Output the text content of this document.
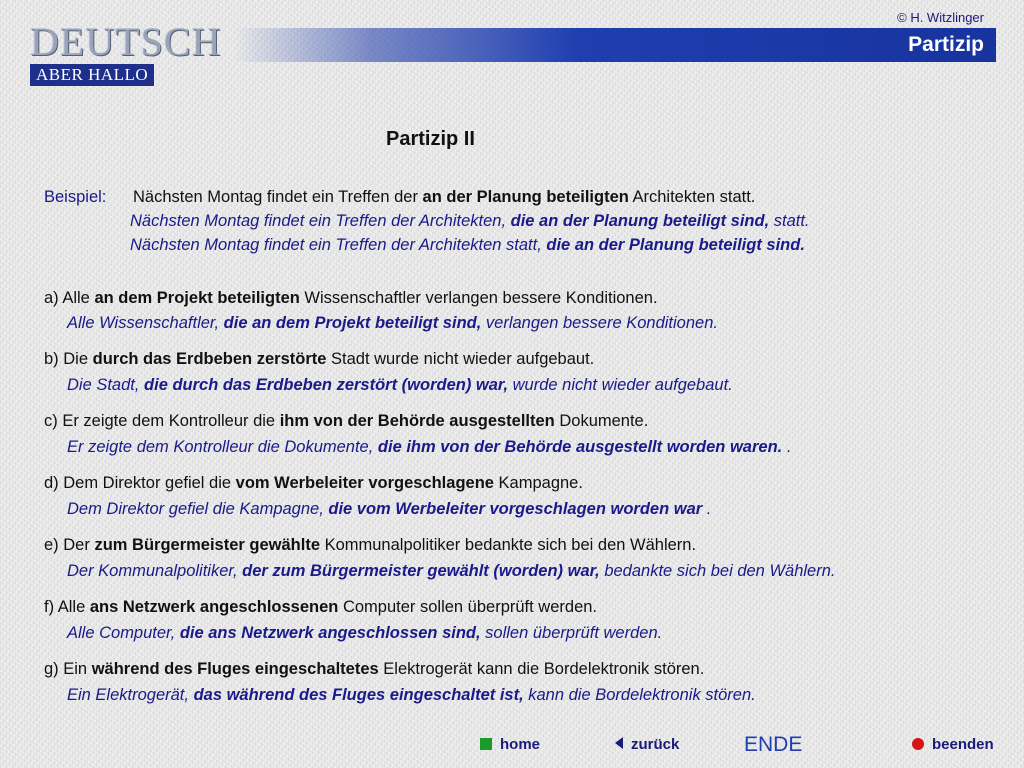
© H. Witzlinger
DEUTSCH
ABER HALLO
Partizip
Partizip II
Beispiel: Nächsten Montag findet ein Treffen der an der Planung beteiligten Architekten statt.
Nächsten Montag findet ein Treffen der Architekten, die an der Planung beteiligt sind, statt.
Nächsten Montag findet ein Treffen der Architekten statt, die an der Planung beteiligt sind.
a) Alle an dem Projekt beteiligten Wissenschaftler verlangen bessere Konditionen.
Alle Wissenschaftler, die an dem Projekt beteiligt sind, verlangen bessere Konditionen.
b) Die durch das Erdbeben zerstörte Stadt wurde nicht wieder aufgebaut.
Die Stadt, die durch das Erdbeben zerstört (worden) war, wurde nicht wieder aufgebaut.
c) Er zeigte dem Kontrolleur die ihm von der Behörde ausgestellten Dokumente.
Er zeigte dem Kontrolleur die Dokumente, die ihm von der Behörde ausgestellt worden waren. .
d) Dem Direktor gefiel die vom Werbeleiter vorgeschlagene Kampagne.
Dem Direktor gefiel die Kampagne, die vom Werbeleiter vorgeschlagen worden war .
e) Der zum Bürgermeister gewählte Kommunalpolitiker bedankte sich bei den Wählern.
Der Kommunalpolitiker, der zum Bürgermeister gewählt (worden) war, bedankte sich bei den Wählern.
f) Alle ans Netzwerk angeschlossenen Computer sollen überprüft werden.
Alle Computer, die ans Netzwerk angeschlossen sind, sollen überprüft werden.
g) Ein während des Fluges eingeschaltetes Elektrogerät kann die Bordelektronik stören.
Ein Elektrogerät, das während des Fluges eingeschaltet ist, kann die Bordelektronik stören.
home	zurück	ENDE	beenden
